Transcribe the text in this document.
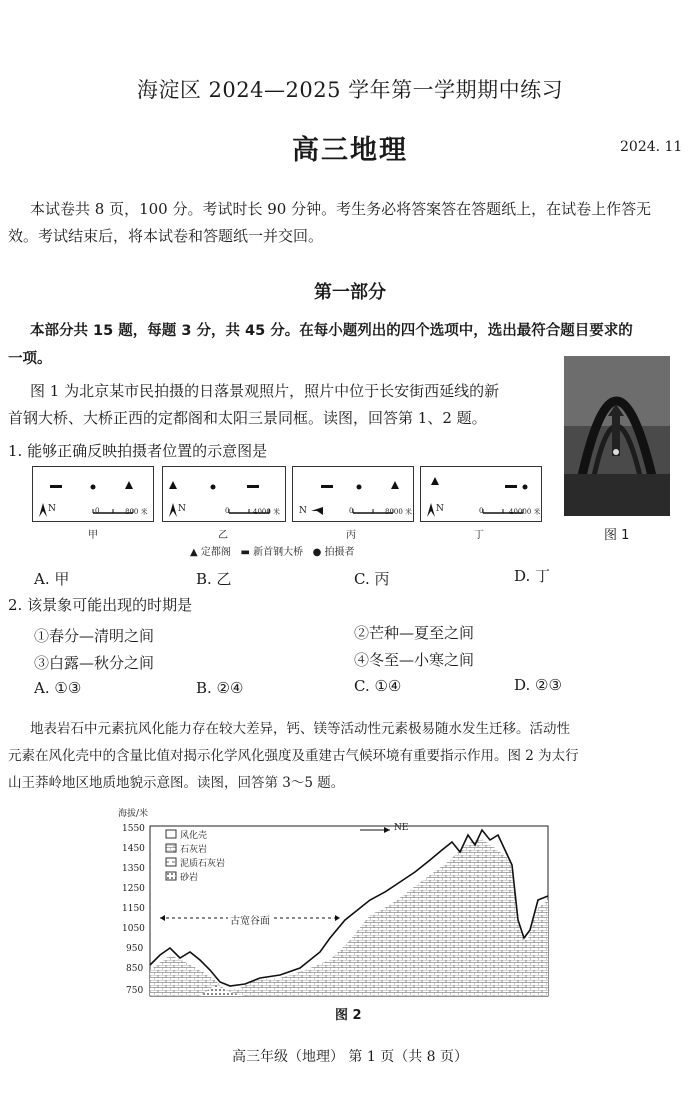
海淀区 2024—2025 学年第一学期期中练习
高三地理	2024. 11
本试卷共 8 页，100 分。考试时长 90 分钟。考生务必将答案答在答题纸上，在试卷上作答无
效。考试结束后，将本试卷和答题纸一并交回。
第一部分
本部分共 15 题，每题 3 分，共 45 分。在每小题列出的四个选项中，选出最符合题目要求的
一项。
图 1 为北京某市民拍摄的日落景观照片，照片中位于长安街西延线的新
首钢大桥、大桥正西的定都阁和太阳三景同框。读图，回答第 1、2 题。
图 1
1. 能够正确反映拍摄者位置的示意图是
N	0	800 米
甲
N	0	4000 米
乙
N	0	8000 米
丙
N	0	40000 米
丁
▲ 定都阁 ▬ 新首钢大桥 ● 拍摄者
A. 甲	B. 乙	C. 丙	D. 丁
2. 该景象可能出现的时期是
①春分—清明之间	②芒种—夏至之间
③白露—秋分之间	④冬至—小寒之间
A. ①③	B. ②④	C. ①④	D. ②③
地表岩石中元素抗风化能力存在较大差异，钙、镁等活动性元素极易随水发生迁移。活动性
元素在风化壳中的含量比值对揭示化学风化强度及重建古气候环境有重要指示作用。图 2 为太行
山王莽岭地区地质地貌示意图。读图，回答第 3～5 题。
海拔/米
1550
1450
1350
1250
1150
1050
950
850
750
风化壳
石灰岩
泥质石灰岩
砂岩
NE
古宽谷面
图 2
高三年级（地理） 第 1 页（共 8 页）
